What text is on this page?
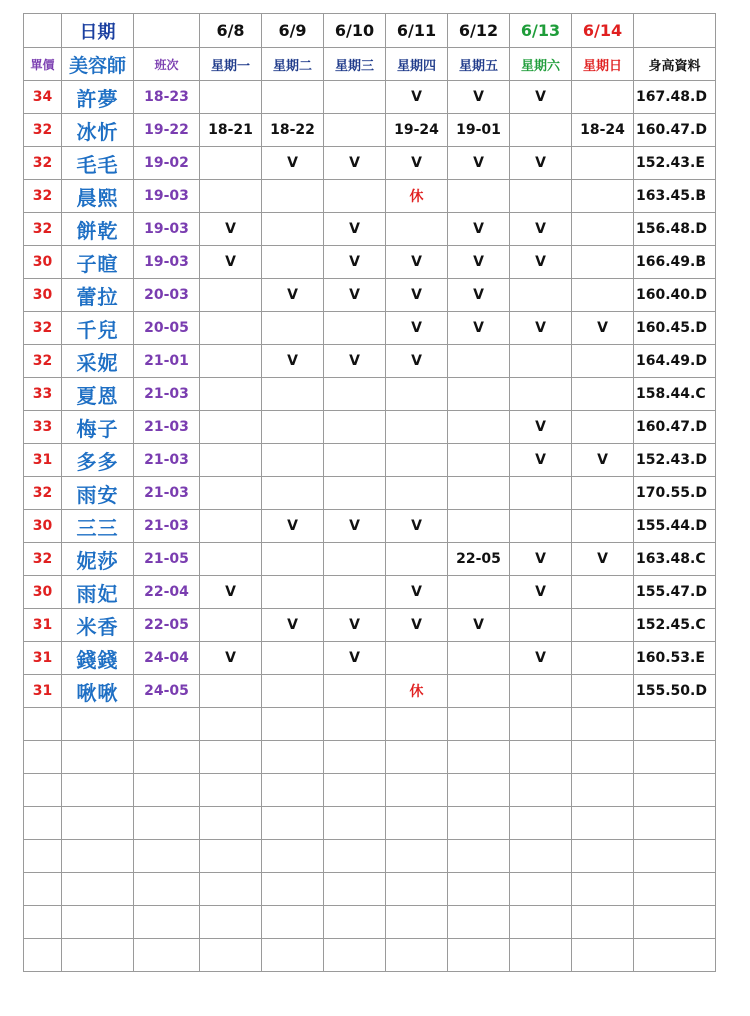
	日期		6/8	6/9	6/10	6/11	6/12	6/13	6/14	
單價	美容師	班次	星期一	星期二	星期三	星期四	星期五	星期六	星期日	身高資料
34	許夢	18-23				V	V	V		167.48.D
32	冰忻	19-22	18-21	18-22		19-24	19-01		18-24	160.47.D
32	毛毛	19-02		V	V	V	V	V		152.43.E
32	晨熙	19-03				休				163.45.B
32	餅乾	19-03	V		V		V	V		156.48.D
30	子暄	19-03	V		V	V	V	V		166.49.B
30	蕾拉	20-03		V	V	V	V			160.40.D
32	千兒	20-05				V	V	V	V	160.45.D
32	采妮	21-01		V	V	V				164.49.D
33	夏恩	21-03								158.44.C
33	梅子	21-03						V		160.47.D
31	多多	21-03						V	V	152.43.D
32	雨安	21-03								170.55.D
30	三三	21-03		V	V	V				155.44.D
32	妮莎	21-05					22-05	V	V	163.48.C
30	雨妃	22-04	V			V		V		155.47.D
31	米香	22-05		V	V	V	V			152.45.C
31	錢錢	24-04	V		V			V		160.53.E
31	啾啾	24-05				休				155.50.D
